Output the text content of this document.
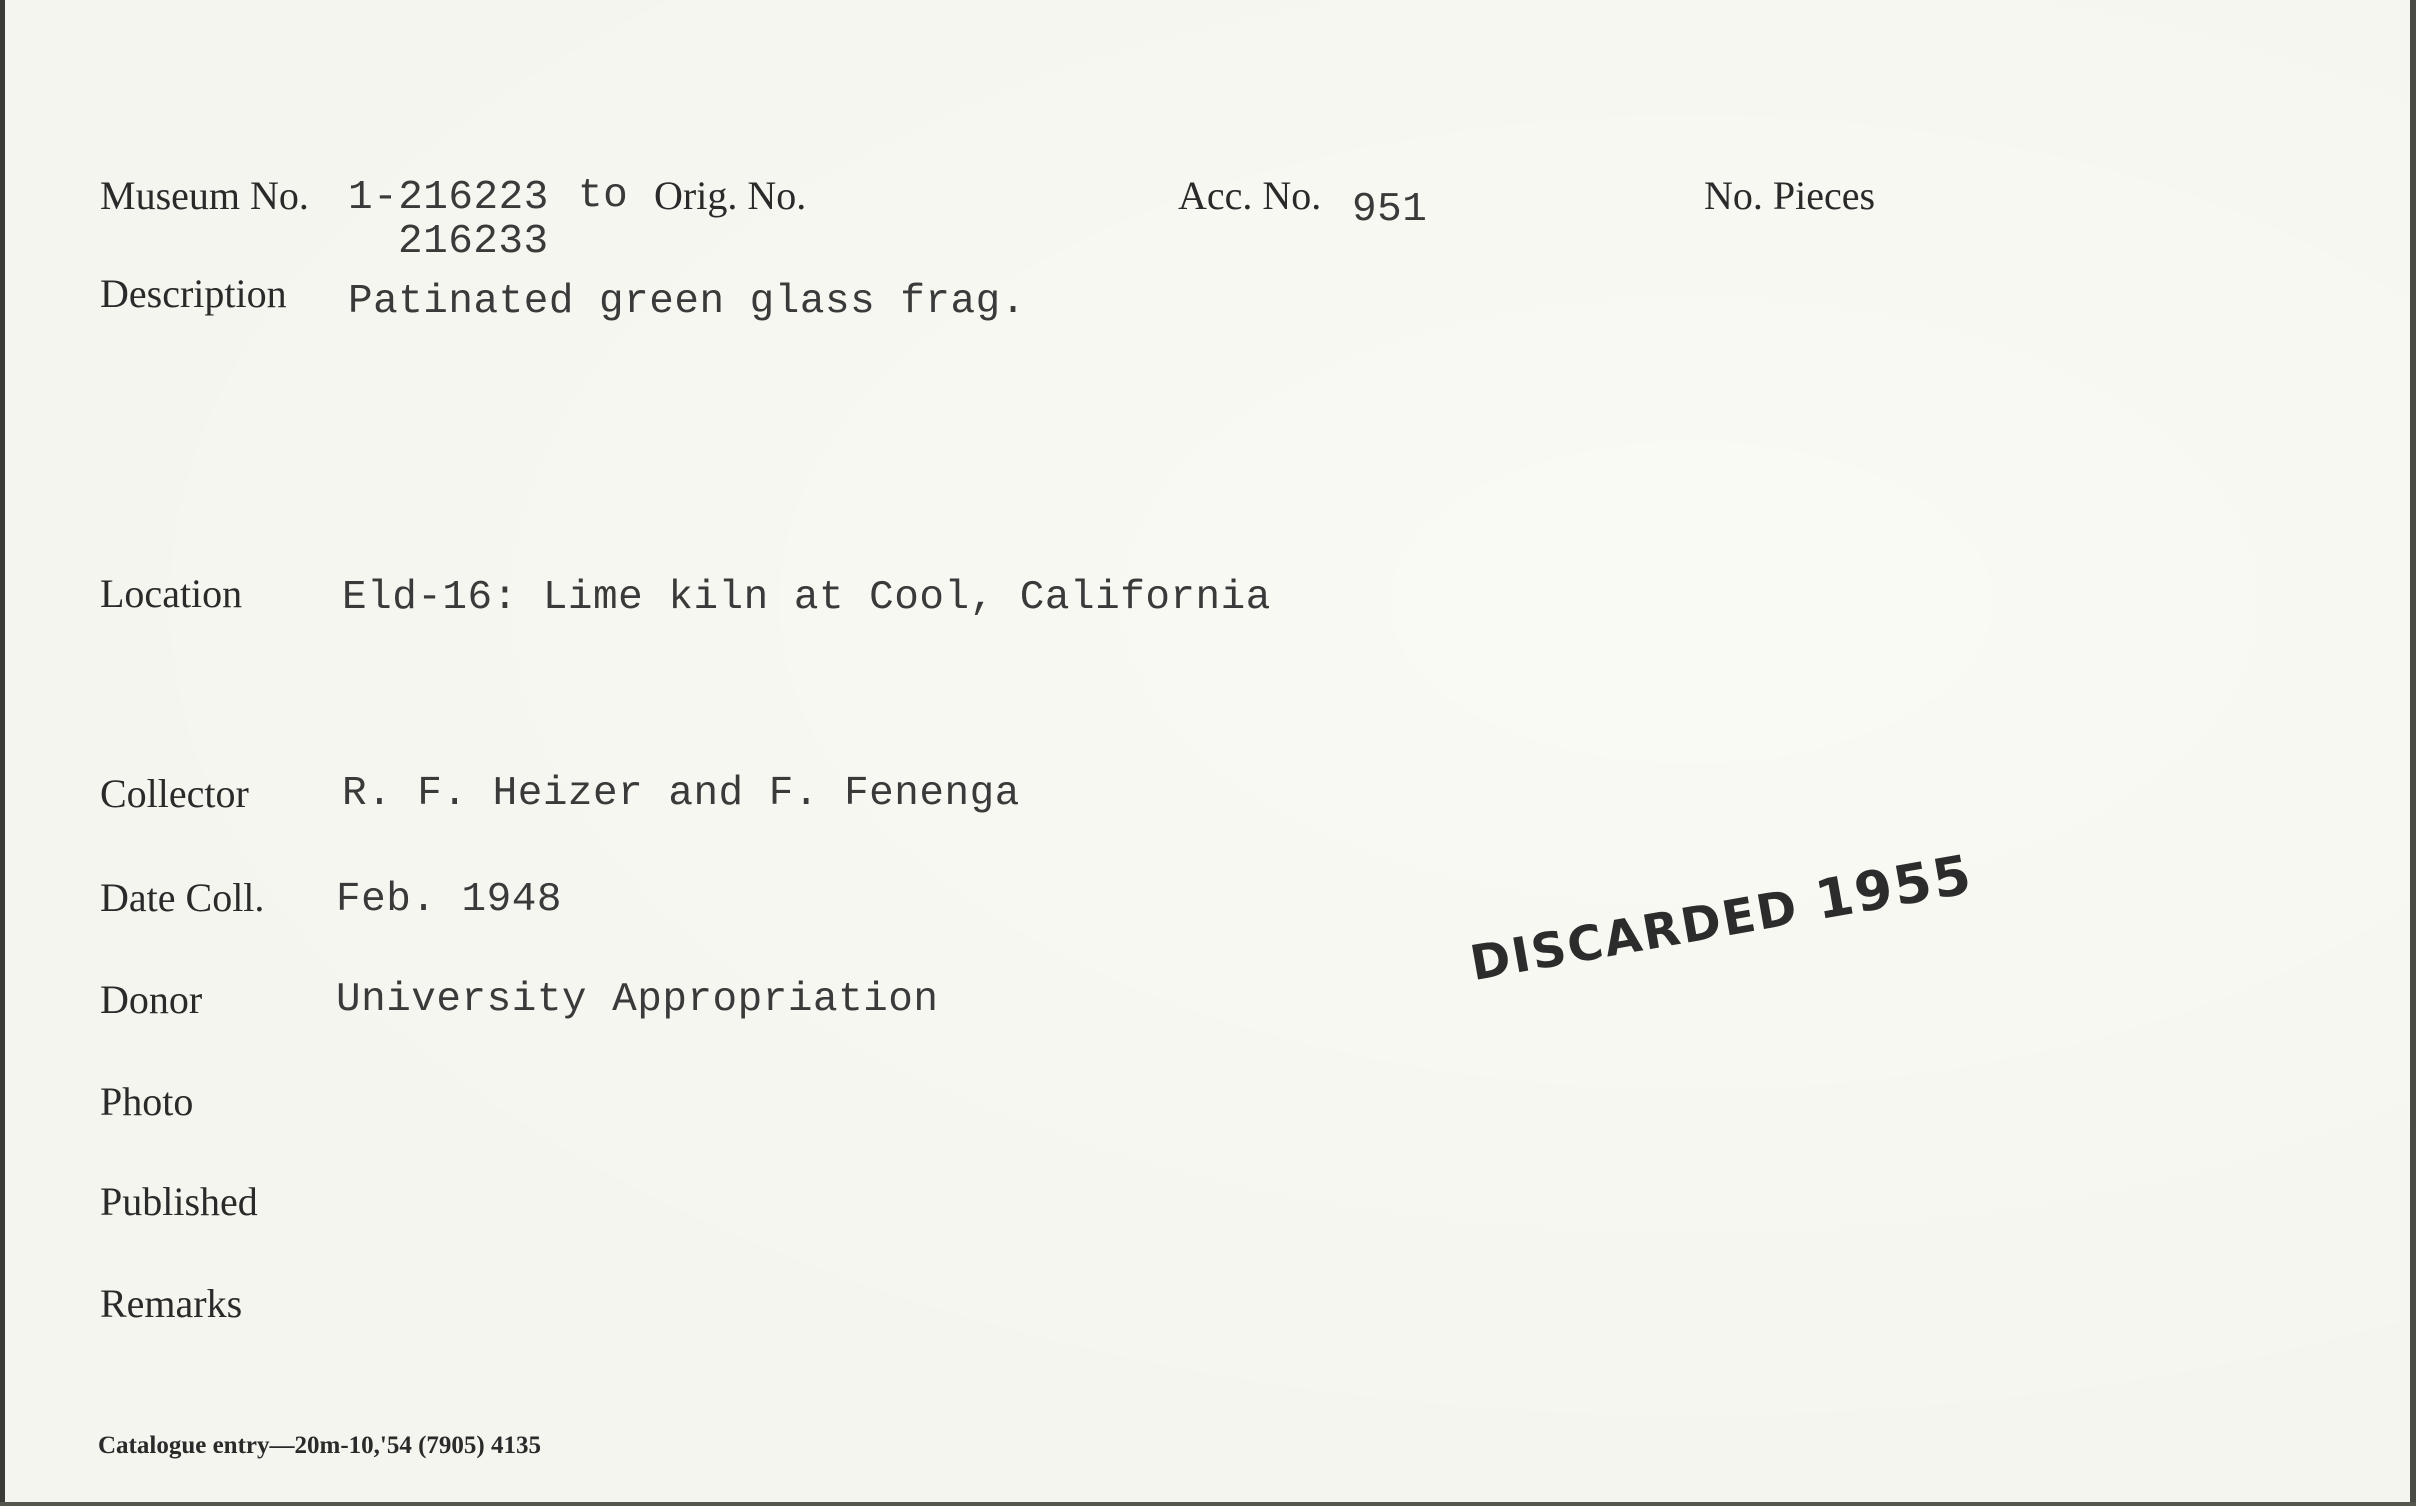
Museum No. 1-216223 to
216233
Orig. No.	Acc. No. 951	No. Pieces
Description Patinated green glass frag.
Location Eld-16: Lime kiln at Cool, California
Collector R. F. Heizer and F. Fenenga
Date Coll. Feb. 1948
Donor	University Appropriation
Photo
Published
Remarks
DISCARDED 1955
Catalogue entry—20m-10,'54 (7905) 4135
